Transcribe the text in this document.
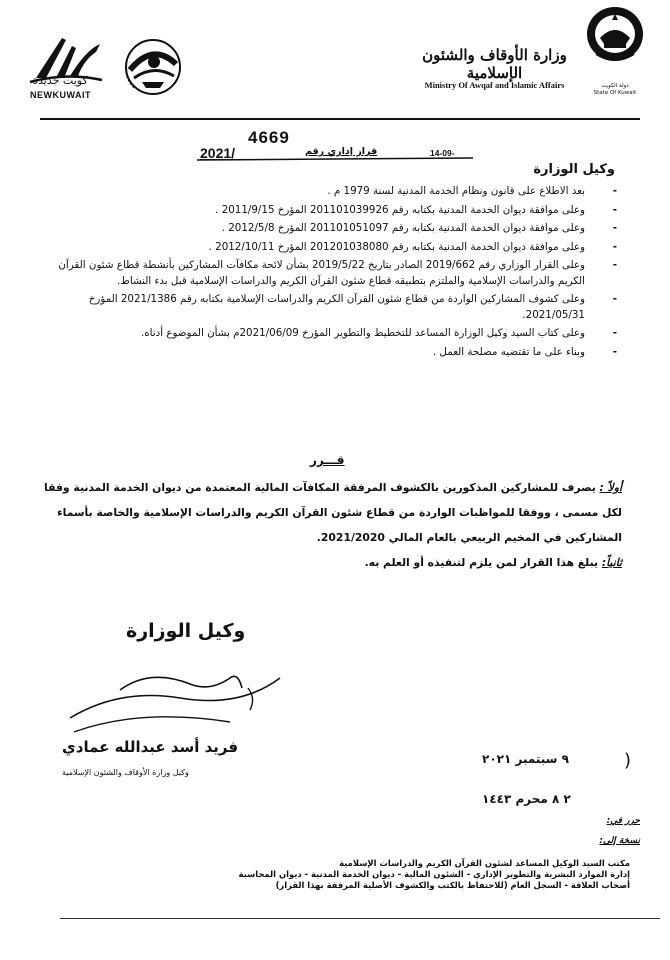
دولة الكويت
State Of Kuwait
وزارة الأوقاف والشئون الإسلامية
Ministry Of Awqaf and Islamic Affairs
كويت جديدة
NEWKUWAIT
4669
14-09-
قرار إداري رقم
2021/
وكيل الوزارة

- بعد الاطلاع على قانون ونظام الخدمة المدنية لسنة 1979 م .

- وعلى موافقة ديوان الخدمة المدنية بكتابه رقم 201101039926 المؤرخ 2011/9/15 .

- وعلى موافقة ديوان الخدمة المدنية بكتابه رقم 201101051097 المؤرخ 2012/5/8 .

- وعلى موافقة ديوان الخدمة المدنية بكتابه رقم 201201038080 المؤرخ 2012/10/11 .

- وعلى القرار الوزاري رقم 2019/662 الصادر بتاريخ 2019/5/22 بشأن لائحة مكافآت المشاركين بأنشطة قطاع شئون القرآن الكريم والدراسات الإسلامية والملتزم بتطبيقه قطاع شئون القرآن الكريم والدراسات الإسلامية قبل بدء النشاط.

- وعلى كشوف المشاركين الواردة من قطاع شئون القرآن الكريم والدراسات الإسلامية بكتابه رقم 2021/1386 المؤرخ 2021/05/31.

- وعلى كتاب السيد وكيل الوزارة المساعد للتخطيط والتطوير المؤرخ 2021/06/09م بشأن الموضوع أدناه.

- وبناء على ما تقتضيه مصلحة العمل .

قـــرر
أولاً : يصرف للمشاركين المذكورين بالكشوف المرفقة المكافآت المالية المعتمدة من ديوان الخدمة المدنية وفقا لكل مسمى ، ووفقا للمواظبات الواردة من قطاع شئون القرآن الكريم والدراسات الإسلامية والخاصة بأسماء المشاركين في المخيم الربيعي بالعام المالي 2021/2020.
ثانياً: يبلغ هذا القرار لمن يلزم لتنفيذه أو العلم به.
وكيل الوزارة
فريد أسد عبدالله عمادي
وكيل وزارة الأوقاف والشئون الإسلامية
٩ سبتمبر ٢٠٢١
٢ ٨ محرم ١٤٤٣
)
حرر في:
نسخة إلى:
مكتب السيد الوكيل المساعد لشئون القرآن الكريم والدراسات الإسلامية
إدارة الموارد البشرية والتطوير الإداري - الشئون المالية - ديوان الخدمة المدنية - ديوان المحاسبة
أصحاب العلاقة - السجل العام (للاحتفاظ بالكتب والكشوف الأصلية المرفقة بهذا القرار)
